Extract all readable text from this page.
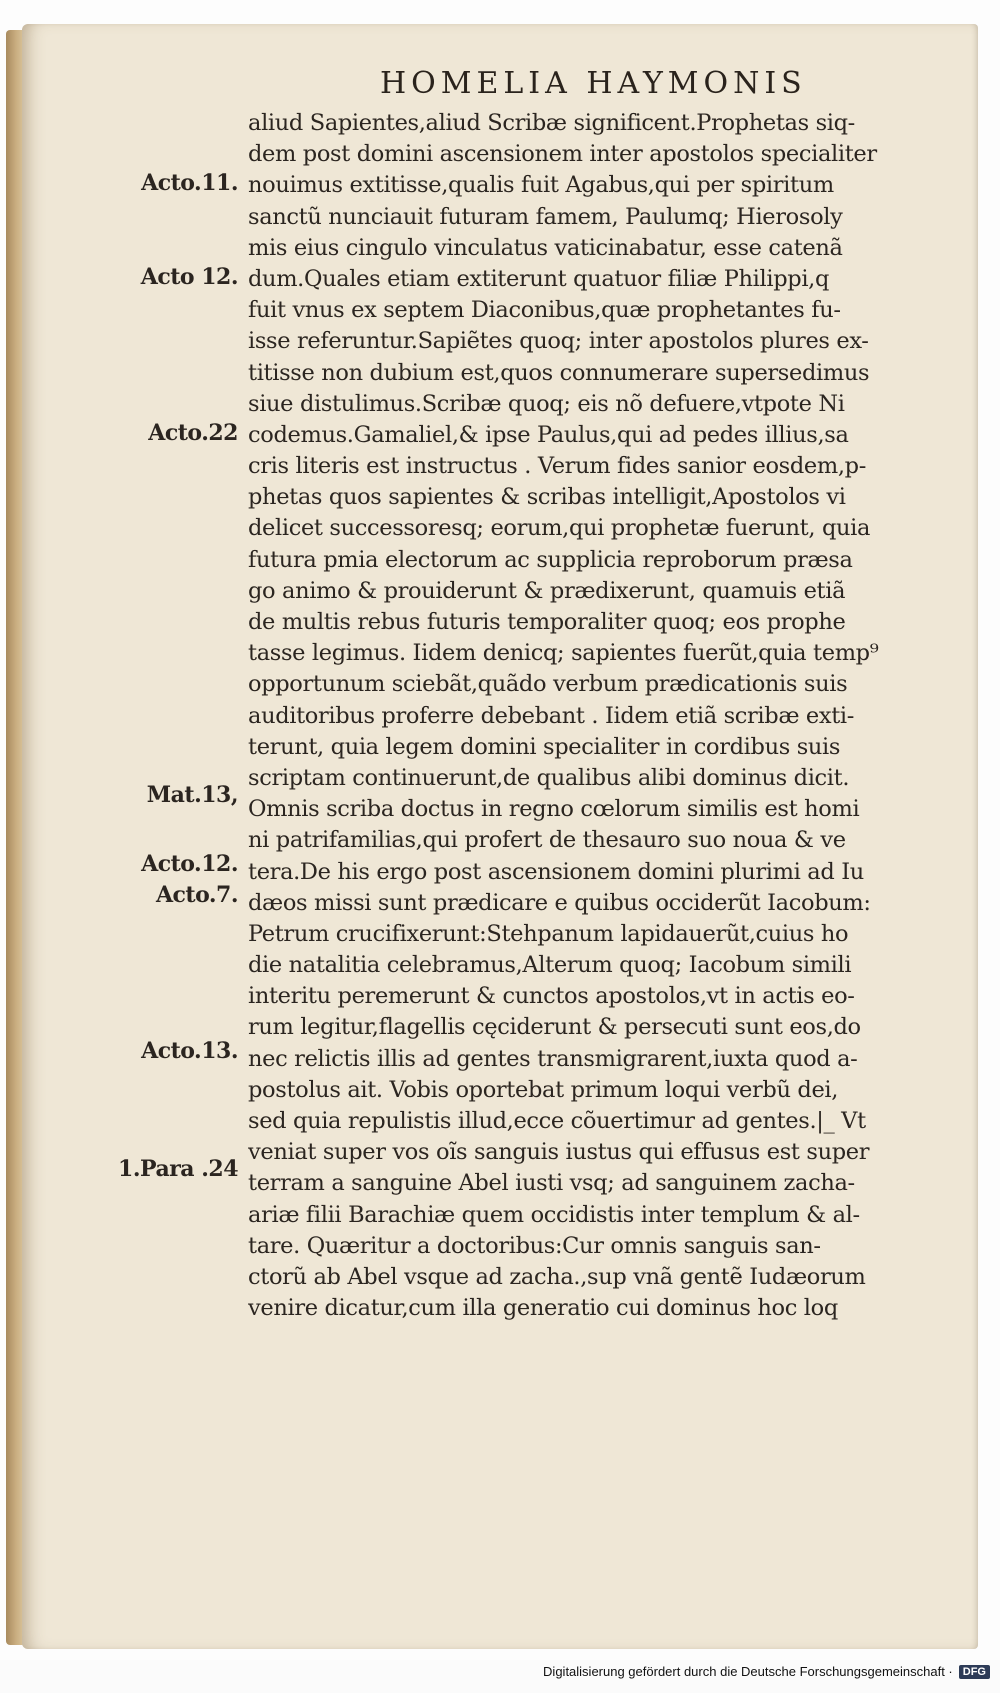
HOMELIA HAYMONIS
Acto.11.
Acto 12.
Acto.22
Mat.13,
Acto.12.
Acto.7.
Acto.13.
1.Para .24
aliud Sapientes,aliud Scribæ significent.Prophetas siq-
dem post domini ascensionem inter apostolos specialiter
nouimus extitisse,qualis fuit Agabus,qui per spiritum
sanctũ nunciauit futuram famem, Paulumq; Hierosoly
mis eius cingulo vinculatus vaticinabatur, esse catenã
dum.Quales etiam extiterunt quatuor filiæ Philippi,q
fuit vnus ex septem Diaconibus,quæ prophetantes fu-
isse referuntur.Sapiẽtes quoq; inter apostolos plures ex-
titisse non dubium est,quos connumerare supersedimus
siue distulimus.Scribæ quoq; eis nõ defuere,vtpote Ni
codemus.Gamaliel,& ipse Paulus,qui ad pedes illius,sa
cris literis est instructus . Verum fides sanior eosdem,p-
phetas quos sapientes & scribas intelligit,Apostolos vi
delicet successoresq; eorum,qui prophetæ fuerunt, quia
futura pmia electorum ac supplicia reproborum præsa
go animo & prouiderunt & prædixerunt, quamuis etiã
de multis rebus futuris temporaliter quoq; eos prophe
tasse legimus. Iidem denicq; sapientes fuerũt,quia temp⁹
opportunum sciebãt,quãdo verbum prædicationis suis
auditoribus proferre debebant . Iidem etiã scribæ exti-
terunt, quia legem domini specialiter in cordibus suis
scriptam continuerunt,de qualibus alibi dominus dicit.
Omnis scriba doctus in regno cœlorum similis est homi
ni patrifamilias,qui profert de thesauro suo noua & ve
tera.De his ergo post ascensionem domini plurimi ad Iu
dæos missi sunt prædicare e quibus occiderũt Iacobum:
Petrum crucifixerunt:Stehpanum lapidauerũt,cuius ho
die natalitia celebramus,Alterum quoq; Iacobum simili
interitu peremerunt & cunctos apostolos,vt in actis eo-
rum legitur,flagellis cęciderunt & persecuti sunt eos,do
nec relictis illis ad gentes transmigrarent,iuxta quod a-
postolus ait. Vobis oportebat primum loqui verbũ dei,
sed quia repulistis illud,ecce cõuertimur ad gentes.|_ Vt
veniat super vos oĩs sanguis iustus qui effusus est super
terram a sanguine Abel iusti vsq; ad sanguinem zacha-
ariæ filii Barachiæ quem occidistis inter templum & al-
tare. Quæritur a doctoribus:Cur omnis sanguis san-
ctorũ ab Abel vsque ad zacha.,sup vnã gentẽ Iudæorum
venire dicatur,cum illa generatio cui dominus hoc loq
Digitalisierung gefördert durch die Deutsche Forschungsgemeinschaft · DFG
